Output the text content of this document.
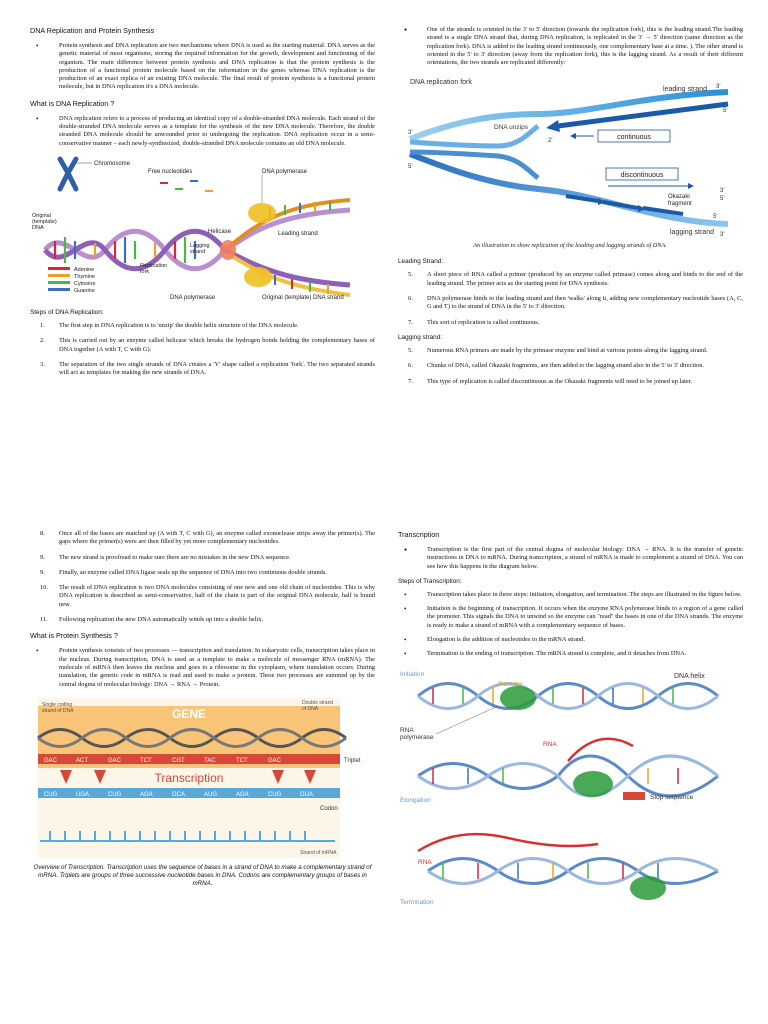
DNA Replication and Protein Synthesis
• Protein synthesis and DNA replication are two mechanisms where DNA is used as the starting material. DNA serves as the genetic material of most organisms, storing the required information for the growth, development and functioning of the organism. The main difference between protein synthesis and DNA replication is that the protein synthesis is the production of a functional protein molecule based on the information in the genes whereas DNA replication is the production of an exact replica of an existing DNA molecule. The final result of protein synthesis is a functional protein molecule, but in DNA replication it's a DNA molecule.
What is DNA Replication ?
• DNA replication refers to a process of producing an identical copy of a double-stranded DNA molecule. Each strand of the double-stranded DNA molecule serves as a template for the synthesis of the new DNA molecule. Therefore, the double stranded DNA molecule should be unwounded prior to undergoing the replication. DNA replication occur in a semi-conservative manner – each newly-synthesized, double-stranded DNA molecule contains an old DNA molecule.
Chromosome
Free nucleotides	DNA polymerase
Original (template) DNA
Leading strand
Helicase
Lagging strand
Replication fork
Adenine
Thymine
Cytosine
Guanine
DNA polymerase	Original (template) DNA strand
Steps of DNA Replication:
1. The first step in DNA replication is to 'unzip' the double helix structure of the DNA molecule.
2. This is carried out by an enzyme called helicase which breaks the hydrogen bonds holding the complementary bases of DNA together (A with T, C with G).
3. The separation of the two single strands of DNA creates a 'Y' shape called a replication 'fork'. The two separated strands will act as templates for making the new strands of DNA.
● One of the strands is oriented in the 3' to 5' direction (towards the replication fork), this is the leading strand.The leading strand is a single DNA strand that, during DNA replication, is replicated in the 3' → 5' direction (same direction as the replication fork). DNA is added to the leading strand continuously, one complementary base at a time. ). The other strand is oriented in the 5' to 3' direction (away from the replication fork), this is the lagging strand. As a result of their different orientations, the two strands are replicated differently:
DNA replication fork
continuous
discontinuous
Okazaki fragment
leading strand
lagging strand
DNA unzips
3'
5'
3'
5'
2'
3'
5'
5'
3'
An illustration to show replication of the leading and lagging strands of DNA.
Leading Strand:
5. A short piece of RNA called a primer (produced by an enzyme called primase) comes along and binds to the end of the leading strand. The primer acts as the starting point for DNA synthesis.
6. DNA polymerase binds to the leading strand and then 'walks' along it, adding new complementary nucleotide bases (A, C, G and T) to the strand of DNA in the 5' to 3' direction.
7. This sort of replication is called continuous.
Lagging strand:
5. Numerous RNA primers are made by the primase enzyme and bind at various points along the lagging strand.
6. Chunks of DNA, called Okazaki fragments, are then added to the lagging strand also in the 5' to 3' direction.
7. This type of replication is called discontinuous as the Okazaki fragments will need to be joined up later.
8. Once all of the bases are matched up (A with T, C with G), an enzyme called exonuclease strips away the primer(s). The gaps where the primer(s) were are then filled by yet more complementary nucleotides.
9. The new strand is proofread to make sure there are no mistakes in the new DNA sequence.
9. Finally, an enzyme called DNA ligase seals up the sequence of DNA into two continuous double strands.
10. The result of DNA replication is two DNA molecules consisting of one new and one old chain of nucleotides. This is why DNA replication is described as semi-conservative, half of the chain is part of the original DNA molecule, half is brand new.
11. Following replication the new DNA automatically winds up into a double helix.
What is Protein Synthesis ?
• Protein synthesis consists of two processes — transcription and translation. In eukaryotic cells, transcription takes place in the nucleus. During transcription, DNA is used as a template to make a molecule of messenger RNA (mRNA). The molecule of mRNA then leaves the nucleus and goes to a ribosome in the cytoplasm, where translation occurs. During translation, the genetic code in mRNA is read and used to make a protein. These two processes are summed up by the central dogma of molecular biology: DNA → RNA → Protein.
GENE
Single coding strand of DNA
Double strand of DNA
GAC	ACT	GAC	TCT	CGT	TAC	TCT	GAC	Triplet
Transcription
CUG	UGA	CUG	AGA	GCA	AUG	AGA	CUG	GUA
Codon
Strand of mRNA
Overview of Transcription. Transcription uses the sequence of bases in a strand of DNA to make a complementary strand of mRNA. Triplets are groups of three successive nucleotide bases in DNA. Codons are complementary groups of bases in mRNA.
Transcription
● Transcription is the first part of the central dogma of molecular biology: DNA → RNA. It is the transfer of genetic instructions in DNA to mRNA. During transcription, a strand of mRNA is made to complement a strand of DNA. You can see how this happens in the diagram below.
Steps of Transcription:
• Transcription takes place in three steps: initiation, elongation, and termination. The steps are illustrated in the figure below.
• Initiation is the beginning of transcription. It occurs when the enzyme RNA polymerase binds to a region of a gene called the promoter. This signals the DNA to unwind so the enzyme can "read" the bases in one of the DNA strands. The enzyme is ready to make a strand of mRNA with a complementary sequence of bases.
• Elongation is the addition of nucleotides to the mRNA strand.
• Termination is the ending of transcription. The mRNA strand is complete, and it detaches from DNA.
Initiation	DNA helix
Promoter
RNA polymerase
RNA
Stop sequence
Elongation
RNA
Termination
